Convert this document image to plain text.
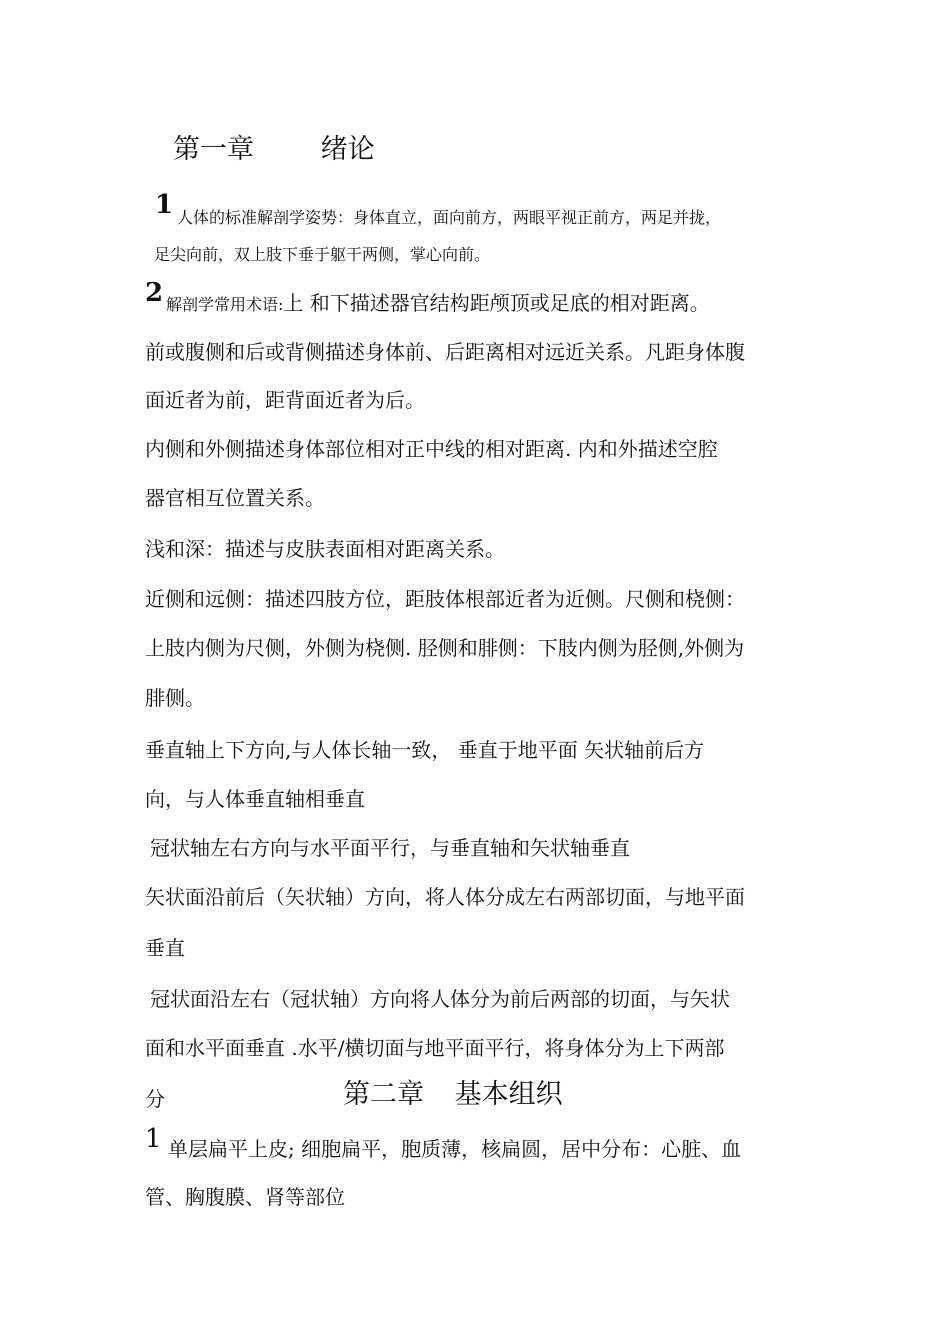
第一章 绪论
1 人体的标准解剖学姿势：身体直立，面向前方，两眼平视正前方，两足并拢，
足尖向前，双上肢下垂于躯干两侧，掌心向前。
2 解剖学常用术语:上 和下描述器官结构距颅顶或足底的相对距离。
前或腹侧和后或背侧描述身体前、后距离相对远近关系。凡距身体腹
面近者为前，距背面近者为后。
内侧和外侧描述身体部位相对正中线的相对距离. 内和外描述空腔
器官相互位置关系。
浅和深：描述与皮肤表面相对距离关系。
近侧和远侧：描述四肢方位，距肢体根部近者为近侧。尺侧和桡侧：
上肢内侧为尺侧，外侧为桡侧. 胫侧和腓侧：下肢内侧为胫侧,外侧为
腓侧。
垂直轴上下方向,与人体长轴一致， 垂直于地平面 矢状轴前后方
向，与人体垂直轴相垂直
冠状轴左右方向与水平面平行，与垂直轴和矢状轴垂直
矢状面沿前后（矢状轴）方向，将人体分成左右两部切面，与地平面
垂直
冠状面沿左右（冠状轴）方向将人体分为前后两部的切面，与矢状
面和水平面垂直 .水平/横切面与地平面平行，将身体分为上下两部
分	第二章 基本组织
1 单层扁平上皮; 细胞扁平，胞质薄，核扁圆，居中分布：心脏、血
管、胸腹膜、肾等部位
